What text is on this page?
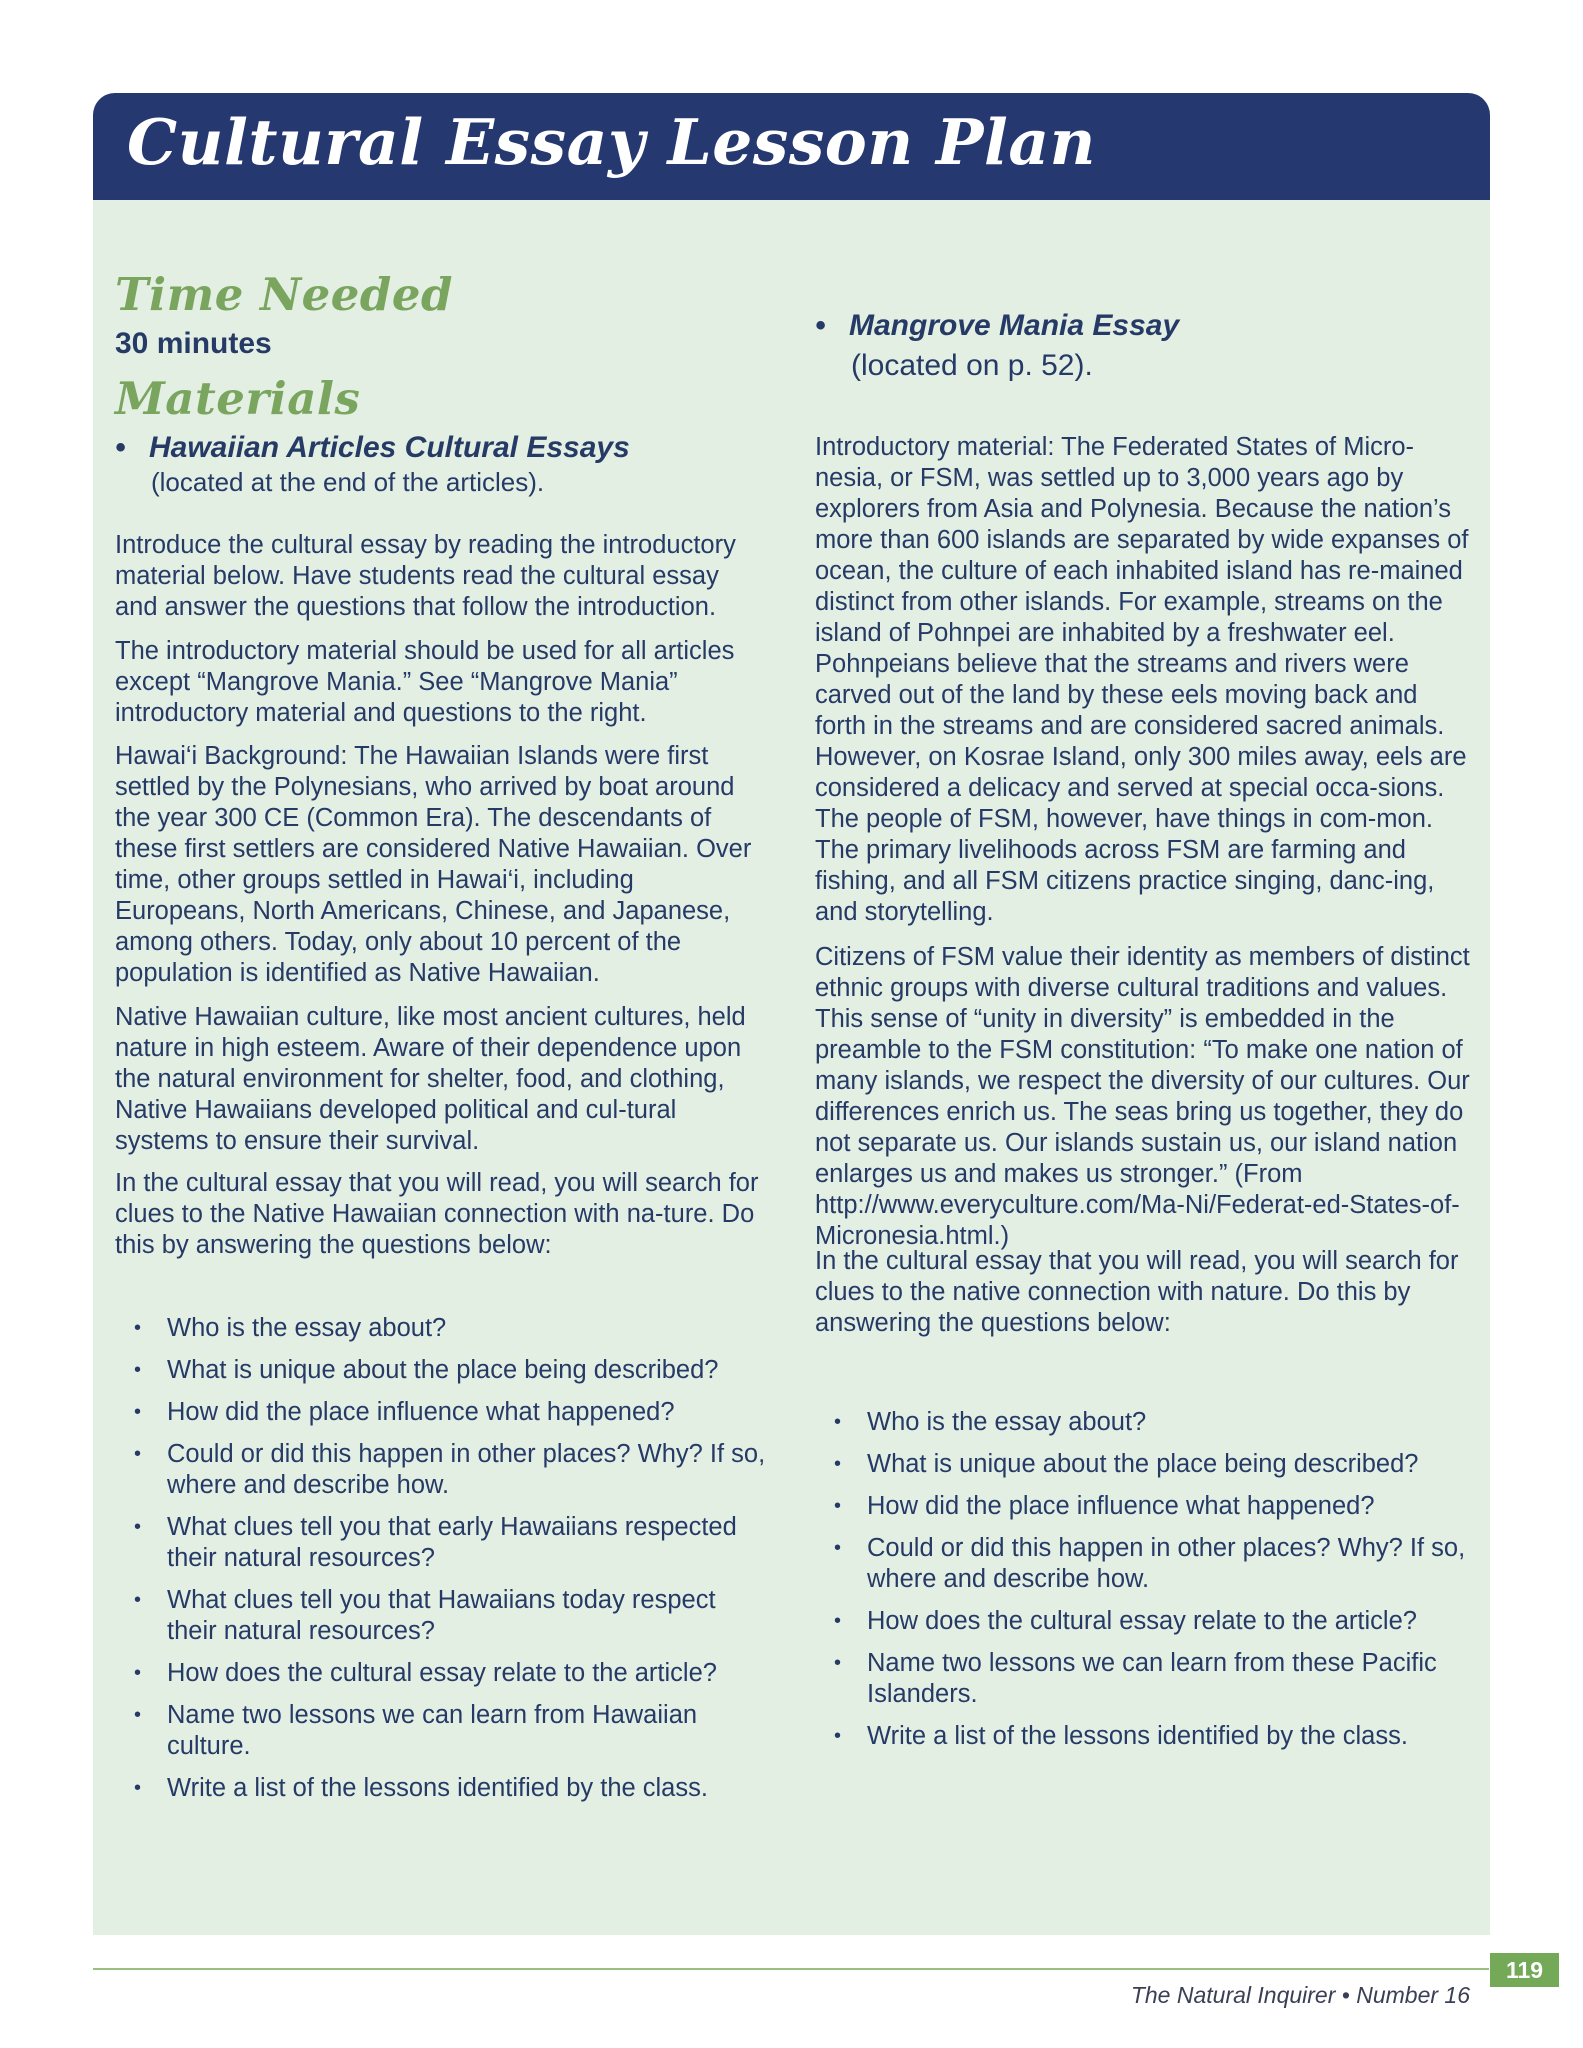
Cultural Essay Lesson Plan
Time Needed
30 minutes
Materials
• Hawaiian Articles Cultural Essays
(located at the end of the articles).

Introduce the cultural essay by reading the introductory material below. Have students read the cultural essay and answer the questions that follow the introduction.

The introductory material should be used for all articles except “Mangrove Mania.” See “Mangrove Mania” introductory material and questions to the right.

Hawai‘i Background: The Hawaiian Islands were first settled by the Polynesians, who arrived by boat around the year 300 CE (Common Era). The descendants of these first settlers are considered Native Hawaiian. Over time, other groups settled in Hawai‘i, including Europeans, North Americans, Chinese, and Japanese, among others. Today, only about 10 percent of the population is identified as Native Hawaiian.

Native Hawaiian culture, like most ancient cultures, held nature in high esteem. Aware of their dependence upon the natural environment for shelter, food, and clothing, Native Hawaiians developed political and cul-tural systems to ensure their survival.

In the cultural essay that you will read, you will search for clues to the Native Hawaiian connection with na-ture. Do this by answering the questions below:

• Who is the essay about?
• What is unique about the place being described?
• How did the place influence what happened?
• Could or did this happen in other places? Why? If so, where and describe how.
• What clues tell you that early Hawaiians respected their natural resources?
• What clues tell you that Hawaiians today respect their natural resources?
• How does the cultural essay relate to the article?
• Name two lessons we can learn from Hawaiian culture.
• Write a list of the lessons identified by the class.
• Mangrove Mania Essay
(located on p. 52).

Introductory material: The Federated States of Micro-nesia, or FSM, was settled up to 3,000 years ago by explorers from Asia and Polynesia. Because the nation’s more than 600 islands are separated by wide expanses of ocean, the culture of each inhabited island has re-mained distinct from other islands. For example, streams on the island of Pohnpei are inhabited by a freshwater eel. Pohnpeians believe that the streams and rivers were carved out of the land by these eels moving back and forth in the streams and are considered sacred animals. However, on Kosrae Island, only 300 miles away, eels are considered a delicacy and served at special occa-sions. The people of FSM, however, have things in com-mon. The primary livelihoods across FSM are farming and fishing, and all FSM citizens practice singing, danc-ing, and storytelling.

Citizens of FSM value their identity as members of distinct ethnic groups with diverse cultural traditions and values. This sense of “unity in diversity” is embedded in the preamble to the FSM constitution: “To make one nation of many islands, we respect the diversity of our cultures. Our differences enrich us. The seas bring us together, they do not separate us. Our islands sustain us, our island nation enlarges us and makes us stronger.” (From http://www.everyculture.com/Ma-Ni/Federat-ed-States-of-Micronesia.html.)

In the cultural essay that you will read, you will search for clues to the native connection with nature. Do this by answering the questions below:

• Who is the essay about?
• What is unique about the place being described?
• How did the place influence what happened?
• Could or did this happen in other places? Why? If so, where and describe how.
• How does the cultural essay relate to the article?
• Name two lessons we can learn from these Pacific Islanders.
• Write a list of the lessons identified by the class.
119
The Natural Inquirer • Number 16
